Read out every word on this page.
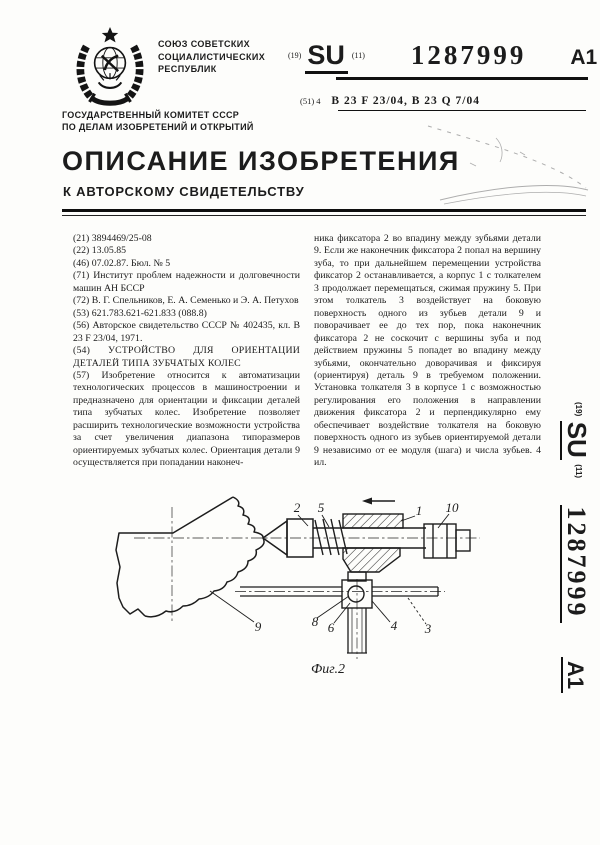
СОЮЗ СОВЕТСКИХ
СОЦИАЛИСТИЧЕСКИХ
РЕСПУБЛИК
ГОСУДАРСТВЕННЫЙ КОМИТЕТ СССР
ПО ДЕЛАМ ИЗОБРЕТЕНИЙ И ОТКРЫТИЙ
$^{(19)}$ SU $^{(11)}$ 1287999 A1
(51) 4 B 23 F 23/04, B 23 Q 7/04
ОПИСАНИЕ ИЗОБРЕТЕНИЯ
К АВТОРСКОМУ СВИДЕТЕЛЬСТВУ

(21) 3894469/25-08

(22) 13.05.85

(46) 07.02.87. Бюл. № 5

(71) Институт проблем надежности и долговечности машин АН БССР

(72) В. Г. Спельников, Е. А. Семенько и Э. А. Петухов

(53) 621.783.621-621.833 (088.8)

(56) Авторское свидетельство СССР № 402435, кл. B 23 F 23/04, 1971.

(54) УСТРОЙСТВО ДЛЯ ОРИЕНТАЦИИ ДЕТАЛЕЙ ТИПА ЗУБЧАТЫХ КОЛЕС

(57) Изобретение относится к автоматизации технологических процессов в машиностроении и предназначено для ориентации и фиксации деталей типа зубчатых колес. Изобретение позволяет расширить технологические возможности устройства за счет увеличения диапазона типоразмеров ориентируемых зубчатых колес. Ориентация детали 9 осуществляется при попадании наконеч-

ника фиксатора 2 во впадину между зубьями детали 9. Если же наконечник фиксатора 2 попал на вершину зуба, то при дальнейшем перемещении устройства фиксатор 2 останавливается, а корпус 1 с толкателем 3 продолжает перемещаться, сжимая пружину 5. При этом толкатель 3 воздействует на боковую поверхность одного из зубьев детали 9 и поворачивает ее до тех пор, пока наконечник фиксатора 2 не соскочит с вершины зуба и под действием пружины 5 попадет во впадину между зубьями, окончательно доворачивая и фиксируя (ориентируя) деталь 9 в требуемом положении. Установка толкателя 3 в корпусе 1 с возможностью регулирования его положения в направлении движения фиксатора 2 и перпендикулярно ему обеспечивает воздействие толкателя на боковую поверхность одного из зубьев ориентируемой детали 9 независимо от ее модуля (шага) и числа зубьев. 4 ил.

$^{(19)}$ SU $^{(11)}$ 1287999 A1
2 5	1 10
9	8 6	4 3
Фиг.2
